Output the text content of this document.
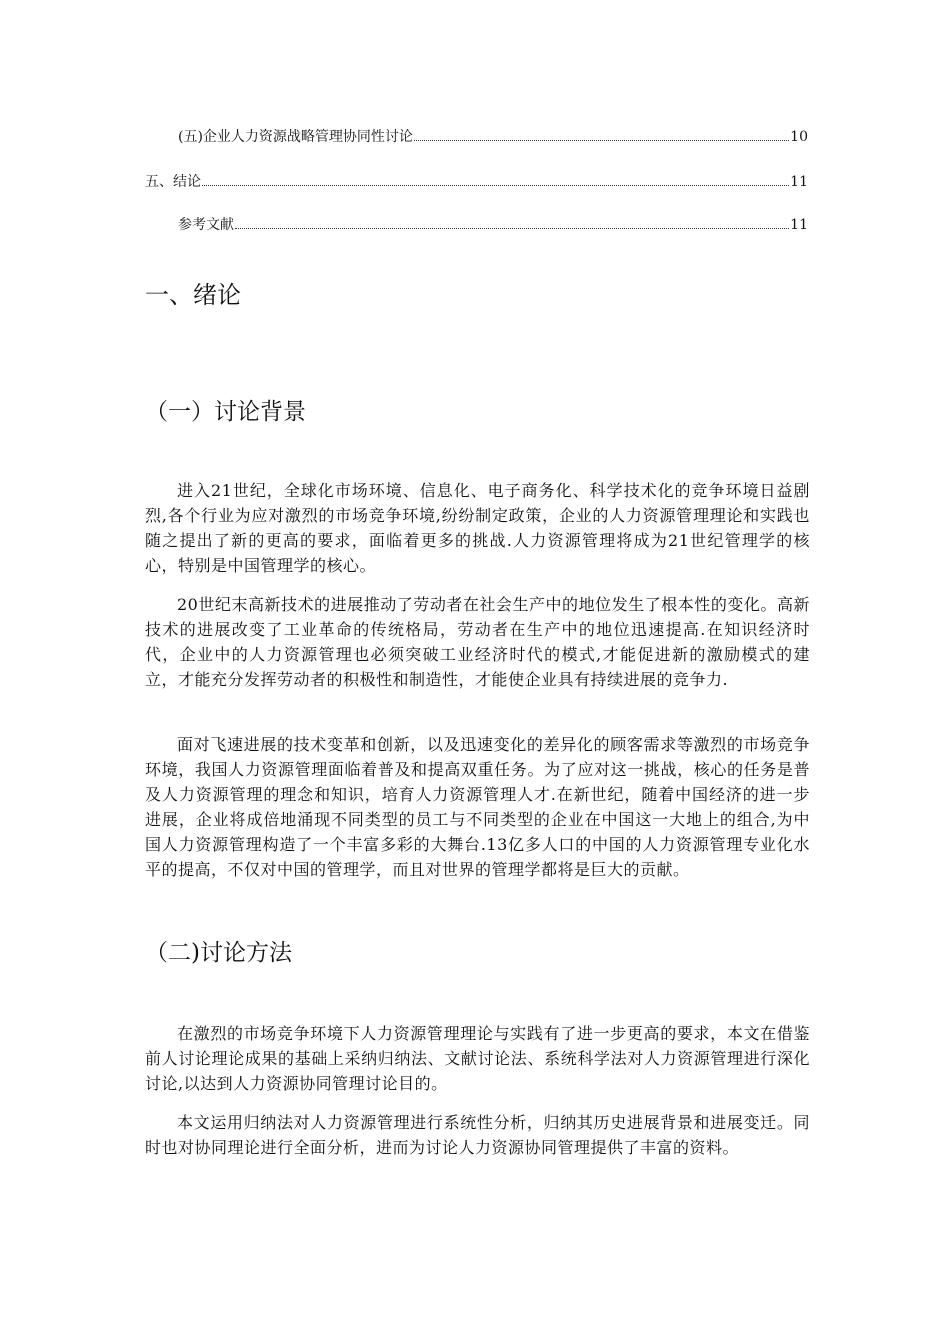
(五)企业人力资源战略管理协同性讨论	10
五、结论	11
参考文献	11
一、绪论
（一）讨论背景

进入21世纪，全球化市场环境、信息化、电子商务化、科学技术化的竞争环境日益剧烈,各个行业为应对激烈的市场竞争环境,纷纷制定政策，企业的人力资源管理理论和实践也随之提出了新的更高的要求，面临着更多的挑战.人力资源管理将成为21世纪管理学的核心，特别是中国管理学的核心。

20世纪末高新技术的进展推动了劳动者在社会生产中的地位发生了根本性的变化。高新技术的进展改变了工业革命的传统格局，劳动者在生产中的地位迅速提高.在知识经济时代，企业中的人力资源管理也必须突破工业经济时代的模式,才能促进新的激励模式的建立，才能充分发挥劳动者的积极性和制造性，才能使企业具有持续进展的竞争力.

面对飞速进展的技术变革和创新，以及迅速变化的差异化的顾客需求等激烈的市场竞争环境，我国人力资源管理面临着普及和提高双重任务。为了应对这一挑战，核心的任务是普及人力资源管理的理念和知识，培育人力资源管理人才.在新世纪，随着中国经济的进一步进展，企业将成倍地涌现不同类型的员工与不同类型的企业在中国这一大地上的组合,为中国人力资源管理构造了一个丰富多彩的大舞台.13亿多人口的中国的人力资源管理专业化水平的提高，不仅对中国的管理学，而且对世界的管理学都将是巨大的贡献。

（二)讨论方法

在激烈的市场竞争环境下人力资源管理理论与实践有了进一步更高的要求，本文在借鉴前人讨论理论成果的基础上采纳归纳法、文献讨论法、系统科学法对人力资源管理进行深化讨论,以达到人力资源协同管理讨论目的。

本文运用归纳法对人力资源管理进行系统性分析，归纳其历史进展背景和进展变迁。同时也对协同理论进行全面分析，进而为讨论人力资源协同管理提供了丰富的资料。
